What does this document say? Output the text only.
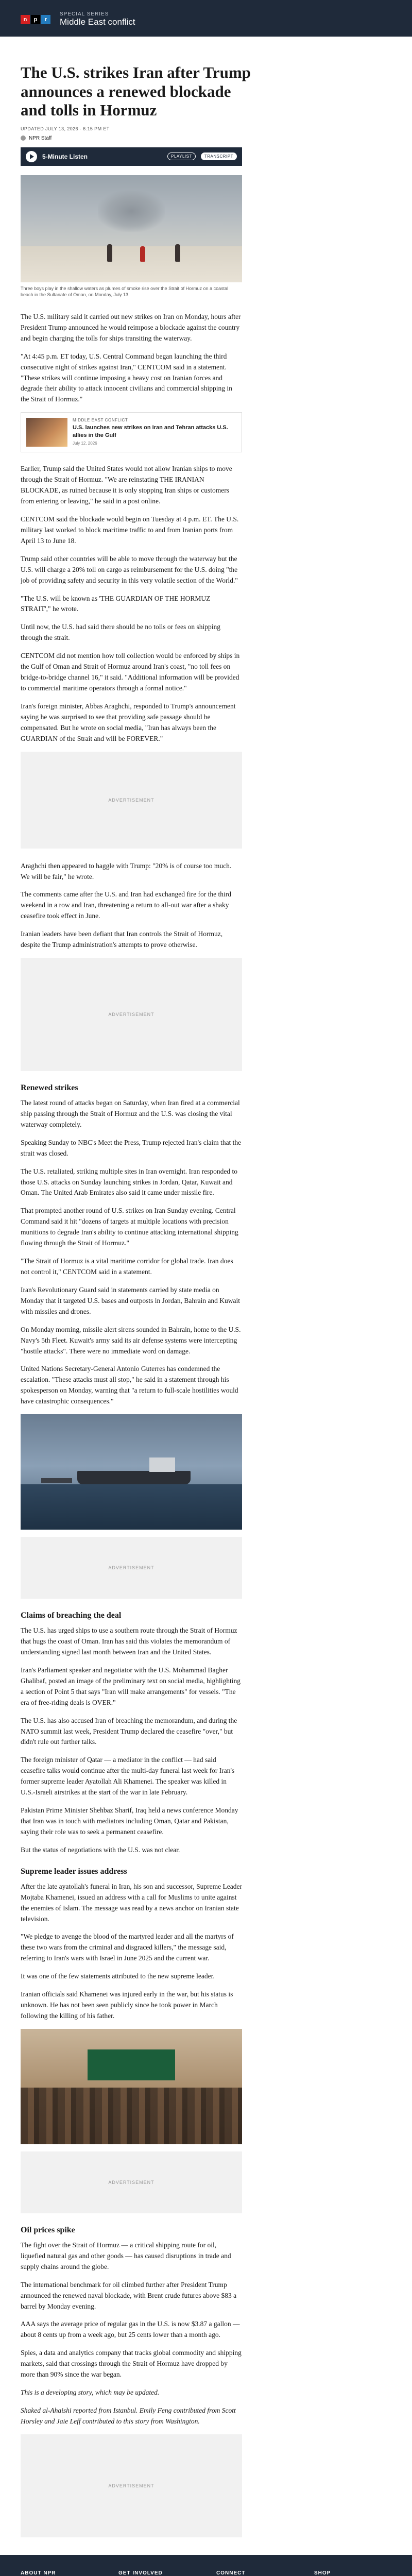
n	p	r
SPECIAL SERIES
Middle East conflict
The U.S. strikes Iran after Trump announces a renewed blockade and tolls in Hormuz
UPDATED JULY 13, 2026 · 6:15 PM ET
NPR Staff
5-Minute Listen	PLAYLIST	TRANSCRIPT

Three boys play in the shallow waters as plumes of smoke rise over the Strait of Hormuz on a coastal beach in the Sultanate of Oman, on Monday, July 13.

The U.S. military said it carried out new strikes on Iran on Monday, hours after President Trump announced he would reimpose a blockade against the country and begin charging the tolls for ships transiting the waterway.

"At 4:45 p.m. ET today, U.S. Central Command began launching the third consecutive night of strikes against Iran," CENTCOM said in a statement. "These strikes will continue imposing a heavy cost on Iranian forces and degrade their ability to attack innocent civilians and commercial shipping in the Strait of Hormuz."

MIDDLE EAST CONFLICT
U.S. launches new strikes on Iran and Tehran attacks U.S. allies in the Gulf
July 12, 2026

Earlier, Trump said the United States would not allow Iranian ships to move through the Strait of Hormuz. "We are reinstating THE IRANIAN BLOCKADE, as ruined because it is only stopping Iran ships or customers from entering or leaving," he said in a post online.

CENTCOM said the blockade would begin on Tuesday at 4 p.m. ET. The U.S. military last worked to block maritime traffic to and from Iranian ports from April 13 to June 18.

Trump said other countries will be able to move through the waterway but the U.S. will charge a 20% toll on cargo as reimbursement for the U.S. doing "the job of providing safety and security in this very volatile section of the World."

"The U.S. will be known as 'THE GUARDIAN OF THE HORMUZ STRAIT'," he wrote.

Until now, the U.S. had said there should be no tolls or fees on shipping through the strait.

CENTCOM did not mention how toll collection would be enforced by ships in the Gulf of Oman and Strait of Hormuz around Iran's coast, "no toll fees on bridge-to-bridge channel 16," it said. "Additional information will be provided to commercial maritime operators through a formal notice."

Iran's foreign minister, Abbas Araghchi, responded to Trump's announcement saying he was surprised to see that providing safe passage should be compensated. But he wrote on social media, "Iran has always been the GUARDIAN of the Strait and will be FOREVER."

ADVERTISEMENT

Araghchi then appeared to haggle with Trump: "20% is of course too much. We will be fair," he wrote.

The comments came after the U.S. and Iran had exchanged fire for the third weekend in a row and Iran, threatening a return to all-out war after a shaky ceasefire took effect in June.

Iranian leaders have been defiant that Iran controls the Strait of Hormuz, despite the Trump administration's attempts to prove otherwise.

ADVERTISEMENT
Renewed strikes

The latest round of attacks began on Saturday, when Iran fired at a commercial ship passing through the Strait of Hormuz and the U.S. was closing the vital waterway completely.

Speaking Sunday to NBC's Meet the Press, Trump rejected Iran's claim that the strait was closed.

The U.S. retaliated, striking multiple sites in Iran overnight. Iran responded to those U.S. attacks on Sunday launching strikes in Jordan, Qatar, Kuwait and Oman. The United Arab Emirates also said it came under missile fire.

That prompted another round of U.S. strikes on Iran Sunday evening. Central Command said it hit "dozens of targets at multiple locations with precision munitions to degrade Iran's ability to continue attacking international shipping flowing through the Strait of Hormuz."

"The Strait of Hormuz is a vital maritime corridor for global trade. Iran does not control it," CENTCOM said in a statement.

Iran's Revolutionary Guard said in statements carried by state media on Monday that it targeted U.S. bases and outposts in Jordan, Bahrain and Kuwait with missiles and drones.

On Monday morning, missile alert sirens sounded in Bahrain, home to the U.S. Navy's 5th Fleet. Kuwait's army said its air defense systems were intercepting "hostile attacks". There were no immediate word on damage.

United Nations Secretary-General Antonio Guterres has condemned the escalation. "These attacks must all stop," he said in a statement through his spokesperson on Monday, warning that "a return to full-scale hostilities would have catastrophic consequences."

ADVERTISEMENT
Claims of breaching the deal

The U.S. has urged ships to use a southern route through the Strait of Hormuz that hugs the coast of Oman. Iran has said this violates the memorandum of understanding signed last month between Iran and the United States.

Iran's Parliament speaker and negotiator with the U.S. Mohammad Bagher Ghalibaf, posted an image of the preliminary text on social media, highlighting a section of Point 5 that says "Iran will make arrangements" for vessels. "The era of free-riding deals is OVER."

The U.S. has also accused Iran of breaching the memorandum, and during the NATO summit last week, President Trump declared the ceasefire "over," but didn't rule out further talks.

The foreign minister of Qatar — a mediator in the conflict — had said ceasefire talks would continue after the multi-day funeral last week for Iran's former supreme leader Ayatollah Ali Khamenei. The speaker was killed in U.S.-Israeli airstrikes at the start of the war in late February.

Pakistan Prime Minister Shehbaz Sharif, Iraq held a news conference Monday that Iran was in touch with mediators including Oman, Qatar and Pakistan, saying their role was to seek a permanent ceasefire.

But the status of negotiations with the U.S. was not clear.

Supreme leader issues address

After the late ayatollah's funeral in Iran, his son and successor, Supreme Leader Mojtaba Khamenei, issued an address with a call for Muslims to unite against the enemies of Islam. The message was read by a news anchor on Iranian state television.

"We pledge to avenge the blood of the martyred leader and all the martyrs of these two wars from the criminal and disgraced killers," the message said, referring to Iran's wars with Israel in June 2025 and the current war.

It was one of the few statements attributed to the new supreme leader.

Iranian officials said Khamenei was injured early in the war, but his status is unknown. He has not been seen publicly since he took power in March following the killing of his father.

ADVERTISEMENT
Oil prices spike

The fight over the Strait of Hormuz — a critical shipping route for oil, liquefied natural gas and other goods — has caused disruptions in trade and supply chains around the globe.

The international benchmark for oil climbed further after President Trump announced the renewed naval blockade, with Brent crude futures above $83 a barrel by Monday evening.

AAA says the average price of regular gas in the U.S. is now $3.87 a gallon — about 8 cents up from a week ago, but 25 cents lower than a month ago.

Spies, a data and analytics company that tracks global commodity and shipping markets, said that crossings through the Strait of Hormuz have dropped by more than 90% since the war began.

This is a developing story, which may be updated.

Shaked al-Ahaishi reported from Istanbul. Emily Feng contributed from Scott Horsley and Jaie Leff contributed to this story from Washington.

ADVERTISEMENT
ABOUT NPR	GET INVOLVED	CONNECT	SHOP
